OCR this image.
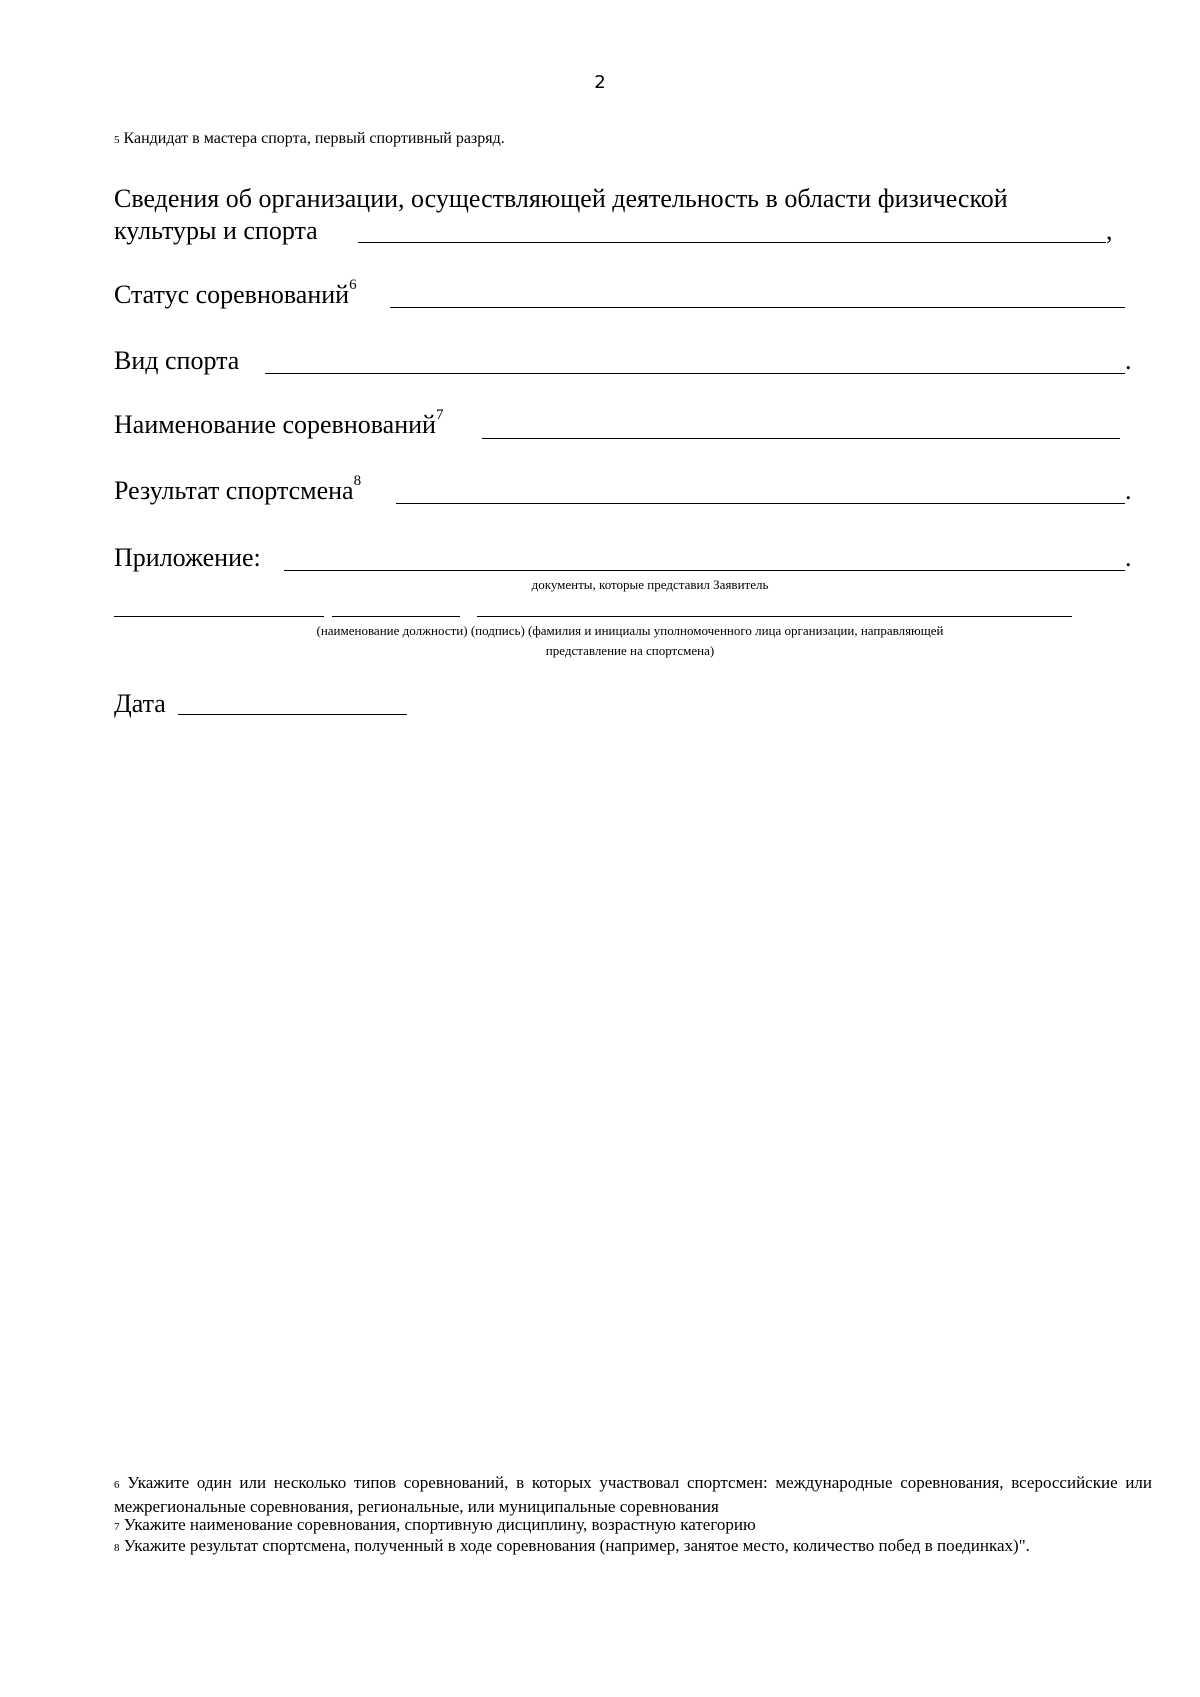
2
5 Кандидат в мастера спорта, первый спортивный разряд.
Сведения об организации, осуществляющей деятельность в области физической
культуры и спорта	,
Статус соревнований$^6$
Вид спорта	.
Наименование соревнований$^7$
Результат спортсмена$^8$	.
Приложение:	.
документы, которые представил Заявитель
(наименование должности) (подпись) (фамилия и инициалы уполномоченного лица организации, направляющей
представление на спортсмена)
Дата
6 Укажите один или несколько типов соревнований, в которых участвовал спортсмен: международные соревнования, всероссийские или межрегиональные соревнования, региональные, или муниципальные соревнования
7 Укажите наименование соревнования, спортивную дисциплину, возрастную категорию
8 Укажите результат спортсмена, полученный в ходе соревнования (например, занятое место, количество побед в поединках)".
